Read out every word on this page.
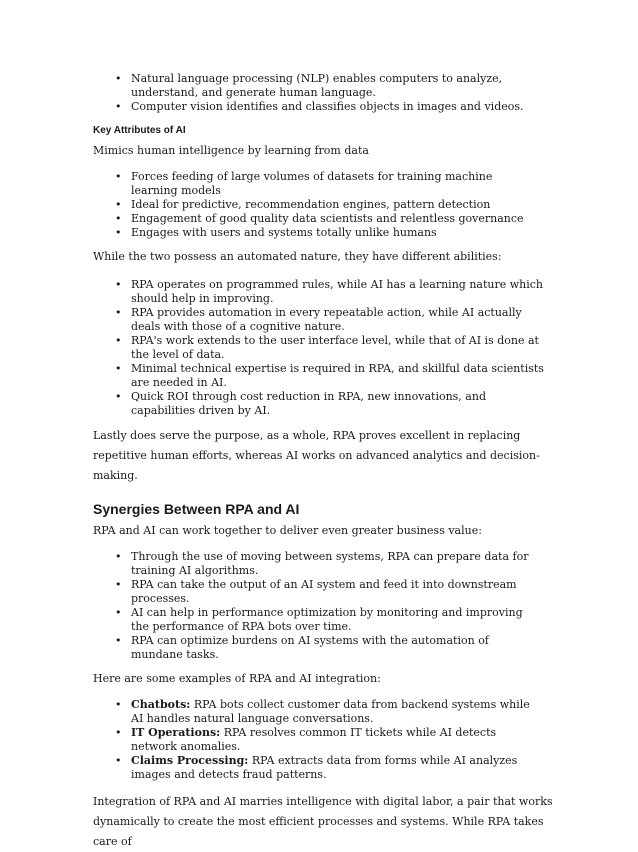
• Natural language processing (NLP) enables computers to analyze, understand, and generate human language.
• Computer vision identifies and classifies objects in images and videos.
Key Attributes of AI

Mimics human intelligence by learning from data

• Forces feeding of large volumes of datasets for training machine learning models
• Ideal for predictive, recommendation engines, pattern detection
• Engagement of good quality data scientists and relentless governance
• Engages with users and systems totally unlike humans

While the two possess an automated nature, they have different abilities:

• RPA operates on programmed rules, while AI has a learning nature which should help in improving.
• RPA provides automation in every repeatable action, while AI actually deals with those of a cognitive nature.
• RPA's work extends to the user interface level, while that of AI is done at the level of data.
• Minimal technical expertise is required in RPA, and skillful data scientists are needed in AI.
• Quick ROI through cost reduction in RPA, new innovations, and capabilities driven by AI.

Lastly does serve the purpose, as a whole, RPA proves excellent in replacing repetitive human efforts, whereas AI works on advanced analytics and decision-making.

Synergies Between RPA and AI

RPA and AI can work together to deliver even greater business value:

• Through the use of moving between systems, RPA can prepare data for training AI algorithms.
• RPA can take the output of an AI system and feed it into downstream processes.
• AI can help in performance optimization by monitoring and improving the performance of RPA bots over time.
• RPA can optimize burdens on AI systems with the automation of mundane tasks.

Here are some examples of RPA and AI integration:

• Chatbots: RPA bots collect customer data from backend systems while AI handles natural language conversations.
• IT Operations: RPA resolves common IT tickets while AI detects network anomalies.
• Claims Processing: RPA extracts data from forms while AI analyzes images and detects fraud patterns.

Integration of RPA and AI marries intelligence with digital labor, a pair that works dynamically to create the most efficient processes and systems. While RPA takes care of
